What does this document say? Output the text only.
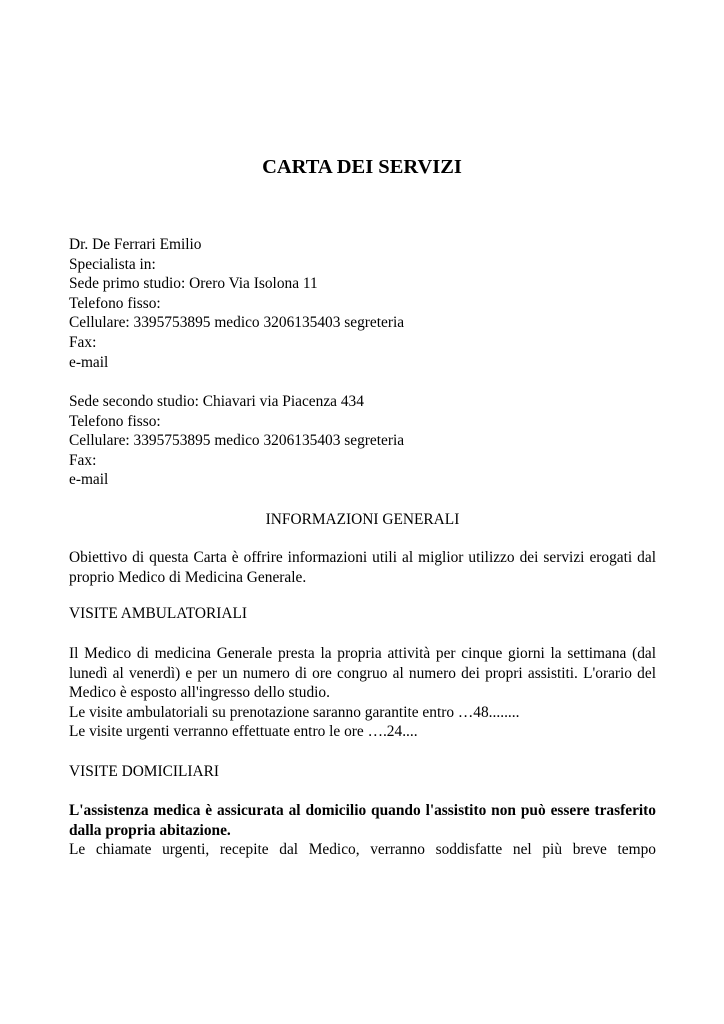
CARTA DEI SERVIZI
Dr. De Ferrari Emilio
Specialista in:
Sede primo studio: Orero Via Isolona 11
Telefono fisso:
Cellulare: 3395753895 medico 3206135403 segreteria
Fax:
e-mail
Sede secondo studio: Chiavari via Piacenza 434
Telefono fisso:
Cellulare: 3395753895 medico 3206135403 segreteria
Fax:
e-mail
INFORMAZIONI GENERALI

Obiettivo di questa Carta è offrire informazioni utili al miglior utilizzo dei servizi erogati dal proprio Medico di Medicina Generale.

VISITE AMBULATORIALI

Il Medico di medicina Generale presta la propria attività per cinque giorni la settimana (dal lunedì al venerdì) e per un numero di ore congruo al numero dei propri assistiti. L'orario del Medico è esposto all'ingresso dello studio.

Le visite ambulatoriali su prenotazione saranno garantite entro …48........
Le visite urgenti verranno effettuate entro le ore ….24....
VISITE DOMICILIARI

L'assistenza medica è assicurata al domicilio quando l'assistito non può essere trasferito dalla propria abitazione.

Le chiamate urgenti, recepite dal Medico, verranno soddisfatte nel più breve tempo
